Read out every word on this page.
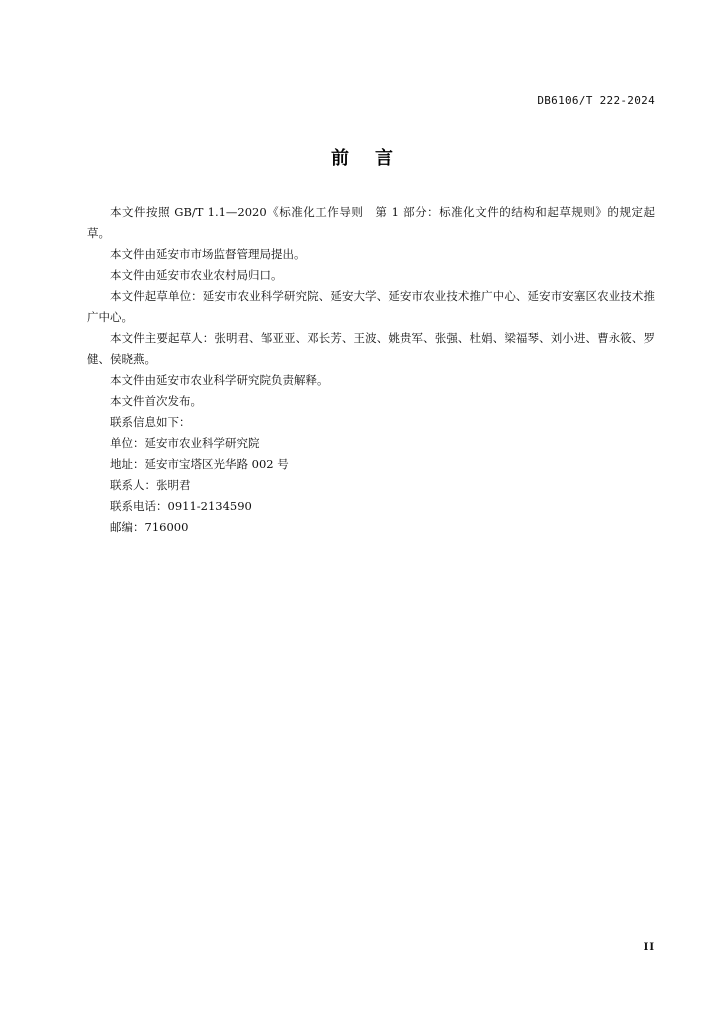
DB6106/T 222-2024
前 言

本文件按照 GB/T 1.1—2020《标准化工作导则　第 1 部分：标准化文件的结构和起草规则》的规定起草。

本文件由延安市市场监督管理局提出。

本文件由延安市农业农村局归口。

本文件起草单位：延安市农业科学研究院、延安大学、延安市农业技术推广中心、延安市安塞区农业技术推广中心。

本文件主要起草人：张明君、邹亚亚、邓长芳、王波、姚贵军、张强、杜娟、梁福琴、刘小进、曹永筱、罗健、侯晓燕。

本文件由延安市农业科学研究院负责解释。

本文件首次发布。

联系信息如下：

单位：延安市农业科学研究院

地址：延安市宝塔区光华路 002 号

联系人：张明君

联系电话：0911-2134590

邮编：716000

II
